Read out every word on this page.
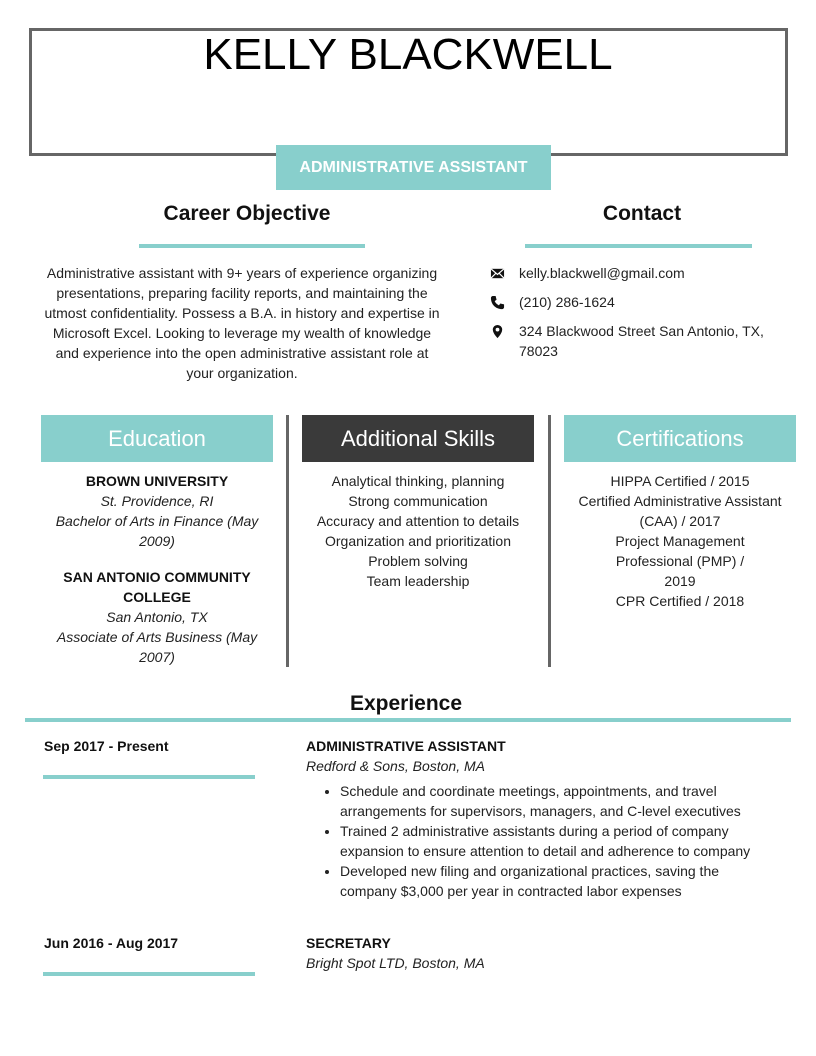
KELLY BLACKWELL
ADMINISTRATIVE ASSISTANT
Career Objective
Administrative assistant with 9+ years of experience organizing presentations, preparing facility reports, and maintaining the utmost confidentiality. Possess a B.A. in history and expertise in Microsoft Excel. Looking to leverage my wealth of knowledge and experience into the open administrative assistant role at your organization.
Contact
kelly.blackwell@gmail.com
(210) 286-1624
324 Blackwood Street San Antonio, TX, 78023
Education
BROWN UNIVERSITY
St. Providence, RI
Bachelor of Arts in Finance (May 2009)
SAN ANTONIO COMMUNITY COLLEGE
San Antonio, TX
Associate of Arts Business (May 2007)
Additional Skills
Analytical thinking, planning
Strong communication
Accuracy and attention to details
Organization and prioritization
Problem solving
Team leadership
Certifications
HIPPA Certified / 2015
Certified Administrative Assistant (CAA) / 2017
Project Management Professional (PMP) / 2019
CPR Certified / 2018
Experience
Sep 2017 - Present	ADMINISTRATIVE ASSISTANT
Redford & Sons, Boston, MA
• Schedule and coordinate meetings, appointments, and travel arrangements for supervisors, managers, and C-level executives
• Trained 2 administrative assistants during a period of company expansion to ensure attention to detail and adherence to company
• Developed new filing and organizational practices, saving the company $3,000 per year in contracted labor expenses
Jun 2016 - Aug 2017	SECRETARY
Bright Spot LTD, Boston, MA
